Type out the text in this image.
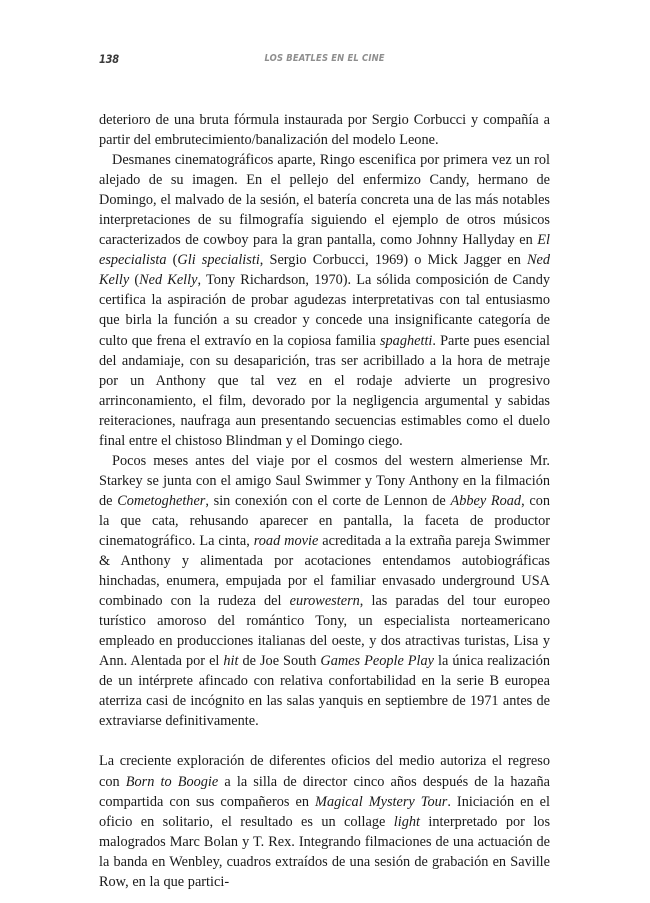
138	LOS BEATLES EN EL CINE

deterioro de una bruta fórmula instaurada por Sergio Corbucci y compañía a partir del embrutecimiento/banalización del modelo Leone.

Desmanes cinematográficos aparte, Ringo escenifica por primera vez un rol alejado de su imagen. En el pellejo del enfermizo Candy, hermano de Domingo, el malvado de la sesión, el batería concreta una de las más notables interpretaciones de su filmografía siguiendo el ejemplo de otros músicos caracterizados de cowboy para la gran pantalla, como Johnny Hallyday en El especialista (Gli specialisti, Sergio Corbucci, 1969) o Mick Jagger en Ned Kelly (Ned Kelly, Tony Richardson, 1970). La sólida composición de Candy certifica la aspiración de probar agudezas interpretativas con tal entusiasmo que birla la función a su creador y concede una insignificante categoría de culto que frena el extravío en la copiosa familia spaghetti. Parte pues esencial del andamiaje, con su desaparición, tras ser acribillado a la hora de metraje por un Anthony que tal vez en el rodaje advierte un progresivo arrinconamiento, el film, devorado por la negligencia argumental y sabidas reiteraciones, naufraga aun presentando secuencias estimables como el duelo final entre el chistoso Blindman y el Domingo ciego.

Pocos meses antes del viaje por el cosmos del western almeriense Mr. Starkey se junta con el amigo Saul Swimmer y Tony Anthony en la filmación de Cometoghether, sin conexión con el corte de Lennon de Abbey Road, con la que cata, rehusando aparecer en pantalla, la faceta de productor cinematográfico. La cinta, road movie acreditada a la extraña pareja Swimmer & Anthony y alimentada por acotaciones entendamos autobiográficas hinchadas, enumera, empujada por el familiar envasado underground USA combinado con la rudeza del eurowestern, las paradas del tour europeo turístico amoroso del romántico Tony, un especialista norteamericano empleado en producciones italianas del oeste, y dos atractivas turistas, Lisa y Ann. Alentada por el hit de Joe South Games People Play la única realización de un intérprete afincado con relativa confortabilidad en la serie B europea aterriza casi de incógnito en las salas yanquis en septiembre de 1971 antes de extraviarse definitivamente.

La creciente exploración de diferentes oficios del medio autoriza el regreso con Born to Boogie a la silla de director cinco años después de la hazaña compartida con sus compañeros en Magical Mystery Tour. Iniciación en el oficio en solitario, el resultado es un collage light interpretado por los malogrados Marc Bolan y T. Rex. Integrando filmaciones de una actuación de la banda en Wenbley, cuadros extraídos de una sesión de grabación en Saville Row, en la que partici-
